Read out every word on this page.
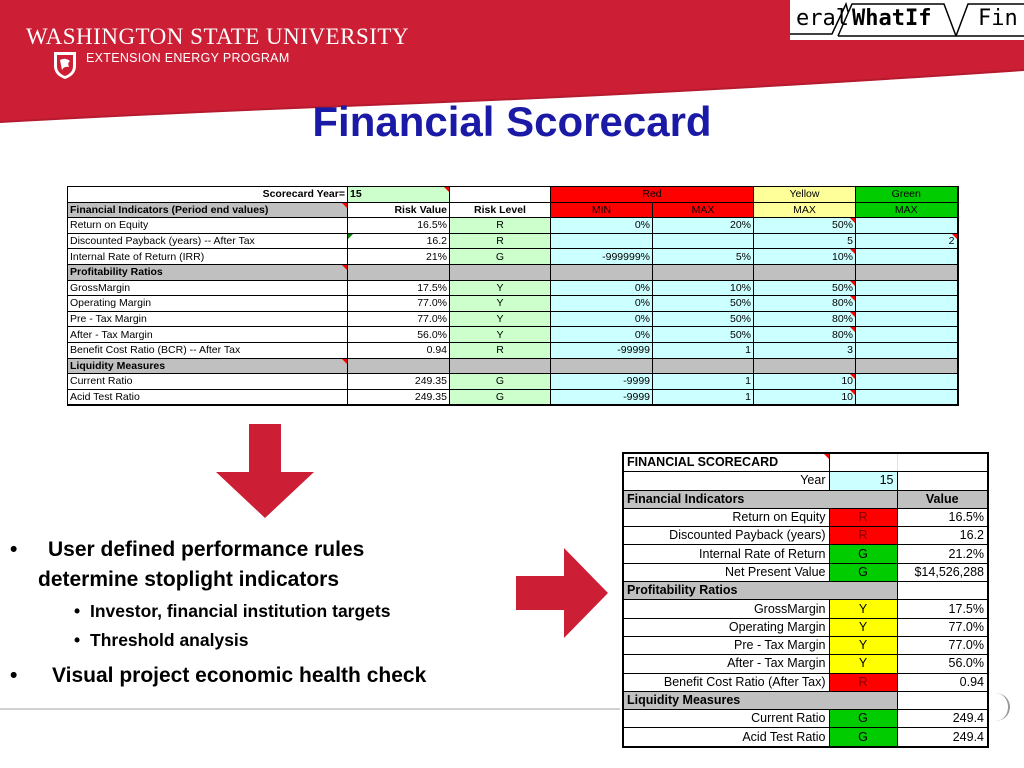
WASHINGTON STATE UNIVERSITY
EXTENSION ENERGY PROGRAM
eral WhatIf Fin
Financial Scorecard
Scorecard Year=	15		Red		Yellow	Green
Financial Indicators (Period end values)	Risk Value	Risk Level	MIN	MAX	MAX	MAX
Return on Equity	16.5%	R	0%	20%	50%	
Discounted Payback (years) -- After Tax	16.2	R			5	2
Internal Rate of Return (IRR)	21%	G	-999999%	5%	10%	
Profitability Ratios						
GrossMargin	17.5%	Y	0%	10%	50%	
Operating Margin	77.0%	Y	0%	50%	80%	
Pre - Tax Margin	77.0%	Y	0%	50%	80%	
After - Tax Margin	56.0%	Y	0%	50%	80%	
Benefit Cost Ratio (BCR) -- After Tax	0.94	R	-99999	1	3	
Liquidity Measures						
Current Ratio	249.35	G	-9999	1	10	
Acid Test Ratio	249.35	G	-9999	1	10	
• User defined performance rules
determine stoplight indicators
• Investor, financial institution targets
• Threshold analysis
• Visual project economic health check
FINANCIAL SCORECARD		
Year	15	
Financial Indicators		Value
Return on Equity	R	16.5%
Discounted Payback (years)	R	16.2
Internal Rate of Return	G	21.2%
Net Present Value	G	$14,526,288
Profitability Ratios		
GrossMargin	Y	17.5%
Operating Margin	Y	77.0%
Pre - Tax Margin	Y	77.0%
After - Tax Margin	Y	56.0%
Benefit Cost Ratio (After Tax)	R	0.94
Liquidity Measures		
Current Ratio	G	249.4
Acid Test Ratio	G	249.4
